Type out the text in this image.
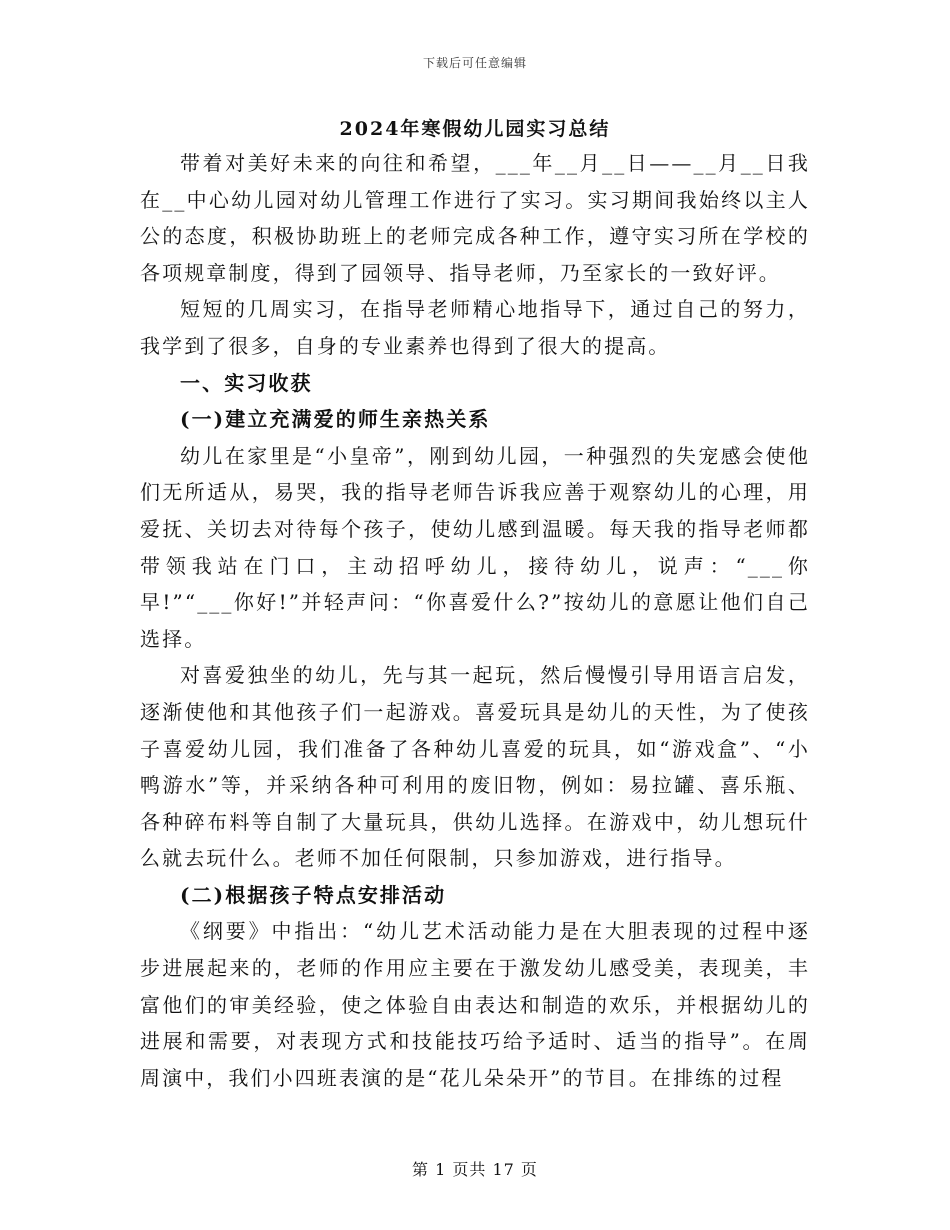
下载后可任意编辑
2024年寒假幼儿园实习总结

带着对美好未来的向往和希望，___年__月__日——__月__日我在__中心幼儿园对幼儿管理工作进行了实习。实习期间我始终以主人公的态度，积极协助班上的老师完成各种工作，遵守实习所在学校的各项规章制度，得到了园领导、指导老师，乃至家长的一致好评。

短短的几周实习，在指导老师精心地指导下，通过自己的努力，我学到了很多，自身的专业素养也得到了很大的提高。

一、实习收获

(一)建立充满爱的师生亲热关系

幼儿在家里是“小皇帝”，刚到幼儿园，一种强烈的失宠感会使他们无所适从，易哭，我的指导老师告诉我应善于观察幼儿的心理，用爱抚、关切去对待每个孩子，使幼儿感到温暖。每天我的指导老师都带领我站在门口，主动招呼幼儿，接待幼儿，说声：“___你早!”“___你好!”并轻声问：“你喜爱什么?”按幼儿的意愿让他们自己选择。

对喜爱独坐的幼儿，先与其一起玩，然后慢慢引导用语言启发，逐渐使他和其他孩子们一起游戏。喜爱玩具是幼儿的天性，为了使孩子喜爱幼儿园，我们准备了各种幼儿喜爱的玩具，如“游戏盒”、“小鸭游水”等，并采纳各种可利用的废旧物，例如：易拉罐、喜乐瓶、各种碎布料等自制了大量玩具，供幼儿选择。在游戏中，幼儿想玩什么就去玩什么。老师不加任何限制，只参加游戏，进行指导。

(二)根据孩子特点安排活动

《纲要》中指出：“幼儿艺术活动能力是在大胆表现的过程中逐步进展起来的，老师的作用应主要在于激发幼儿感受美，表现美，丰富他们的审美经验，使之体验自由表达和制造的欢乐，并根据幼儿的进展和需要，对表现方式和技能技巧给予适时、适当的指导”。在周周演中，我们小四班表演的是“花儿朵朵开”的节目。在排练的过程

第 1 页共 17 页
